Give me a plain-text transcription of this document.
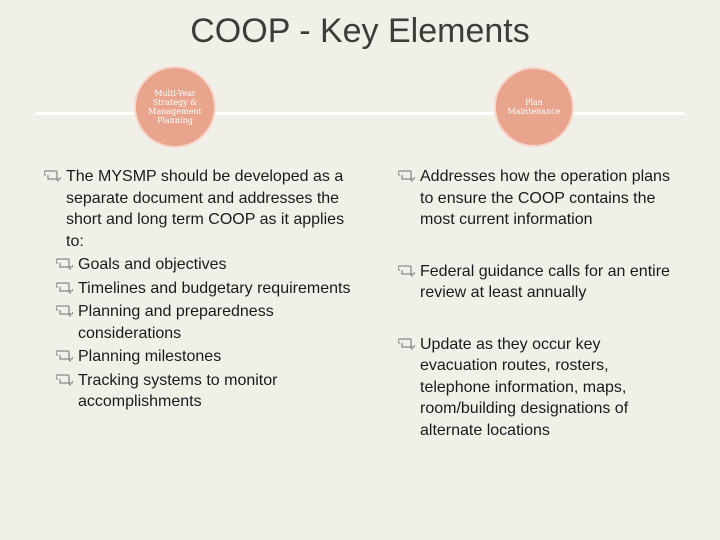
COOP - Key Elements
Multi-Year Strategy & Management Planning
Plan Maintenance
The MYSMP should be developed as a separate document and addresses the short and long term COOP as it applies to:
Goals and objectives
Timelines and budgetary requirements
Planning and preparedness considerations
Planning milestones
Tracking systems to monitor accomplishments
Addresses how the operation plans to ensure the COOP contains the most current information
Federal guidance calls for an entire review at least annually
Update as they occur key evacuation routes, rosters, telephone information, maps, room/building designations of alternate locations
